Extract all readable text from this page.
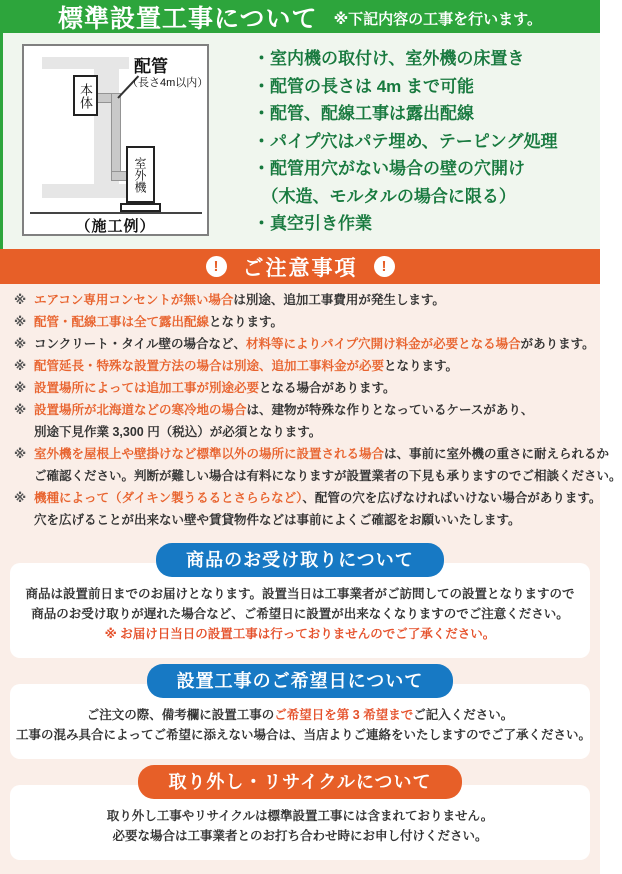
標準設置工事について ※下記内容の工事を行います。
本体
室外機
配管
（長さ4m以内）
（施工例）
・室内機の取付け、室外機の床置き
・配管の長さは 4m まで可能
・配管、配線工事は露出配線
・パイプ穴はパテ埋め、テーピング処理
・配管用穴がない場合の壁の穴開け
　（木造、モルタルの場合に限る）
・真空引き作業
!	ご注意事項	!
※ エアコン専用コンセントが無い場合は別途、追加工事費用が発生します。
※ 配管・配線工事は全て露出配線となります。
※ コンクリート・タイル壁の場合など、材料等によりパイプ穴開け料金が必要となる場合があります。
※ 配管延長・特殊な設置方法の場合は別途、追加工事料金が必要となります。
※ 設置場所によっては追加工事が別途必要となる場合があります。
※ 設置場所が北海道などの寒冷地の場合は、建物が特殊な作りとなっているケースがあり、
別途下見作業 3,300 円（税込）が必須となります。
※ 室外機を屋根上や壁掛けなど標準以外の場所に設置される場合は、事前に室外機の重さに耐えられるか
ご確認ください。判断が難しい場合は有料になりますが設置業者の下見も承りますのでご相談ください。
※ 機種によって（ダイキン製うるるとさららなど）、配管の穴を広げなければいけない場合があります。
穴を広げることが出来ない壁や賃貸物件などは事前によくご確認をお願いいたします。
商品のお受け取りについて
商品は設置前日までのお届けとなります。設置当日は工事業者がご訪問しての設置となりますので
商品のお受け取りが遅れた場合など、ご希望日に設置が出来なくなりますのでご注意ください。
※ お届け日当日の設置工事は行っておりませんのでご了承ください。
設置工事のご希望日について
ご注文の際、備考欄に設置工事のご希望日を第 3 希望までご記入ください。
工事の混み具合によってご希望に添えない場合は、当店よりご連絡をいたしますのでご了承ください。
取り外し・リサイクルについて
取り外し工事やリサイクルは標準設置工事には含まれておりません。
必要な場合は工事業者とのお打ち合わせ時にお申し付けください。
